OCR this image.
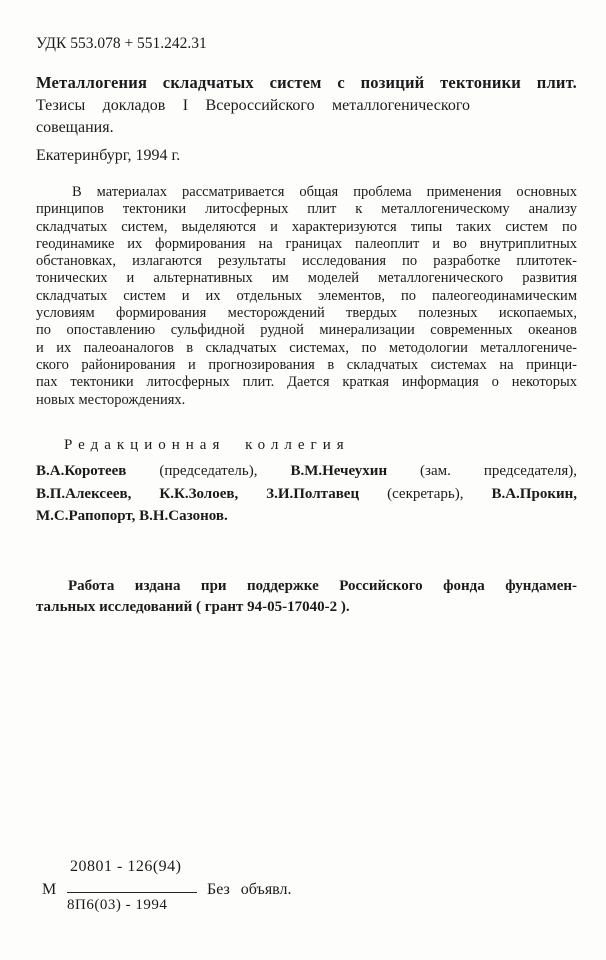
УДК 553.078 + 551.242.31
Металлогения складчатых систем с позиций тектоники плит.
Тезисы докладов I Всероссийского металлогенического
совещания.
Екатеринбург, 1994 г.
В материалах рассматривается общая проблема применения основных
принципов тектоники литосферных плит к металлогеническому анализу
складчатых систем, выделяются и характеризуются типы таких систем по
геодинамике их формирования на границах палеоплит и во внутриплитных
обстановках, излагаются результаты исследования по разработке плитотек-
тонических и альтернативных им моделей металлогенического развития
складчатых систем и их отдельных элементов, по палеогеодинамическим
условиям формирования месторождений твердых полезных ископаемых,
по опоставлению сульфидной рудной минерализации современных океанов
и их палеоаналогов в складчатых системах, по методологии металлогениче-
ского районирования и прогнозирования в складчатых системах на принци-
пах тектоники литосферных плит. Дается краткая информация о некоторых
новых месторождениях.
Редакционная коллегия
В.А.Коротеев (председатель), В.М.Нечеухин (зам. председателя),
В.П.Алексеев, К.К.Золоев, З.И.Полтавец (секретарь), В.А.Прокин,
М.С.Рапопорт, В.Н.Сазонов.
Работа издана при поддержке Российского фонда фундамен-
тальных исследований ( грант 94-05-17040-2 ).
М
20801 - 126(94)
8П6(03) - 1994
Без объявл.
